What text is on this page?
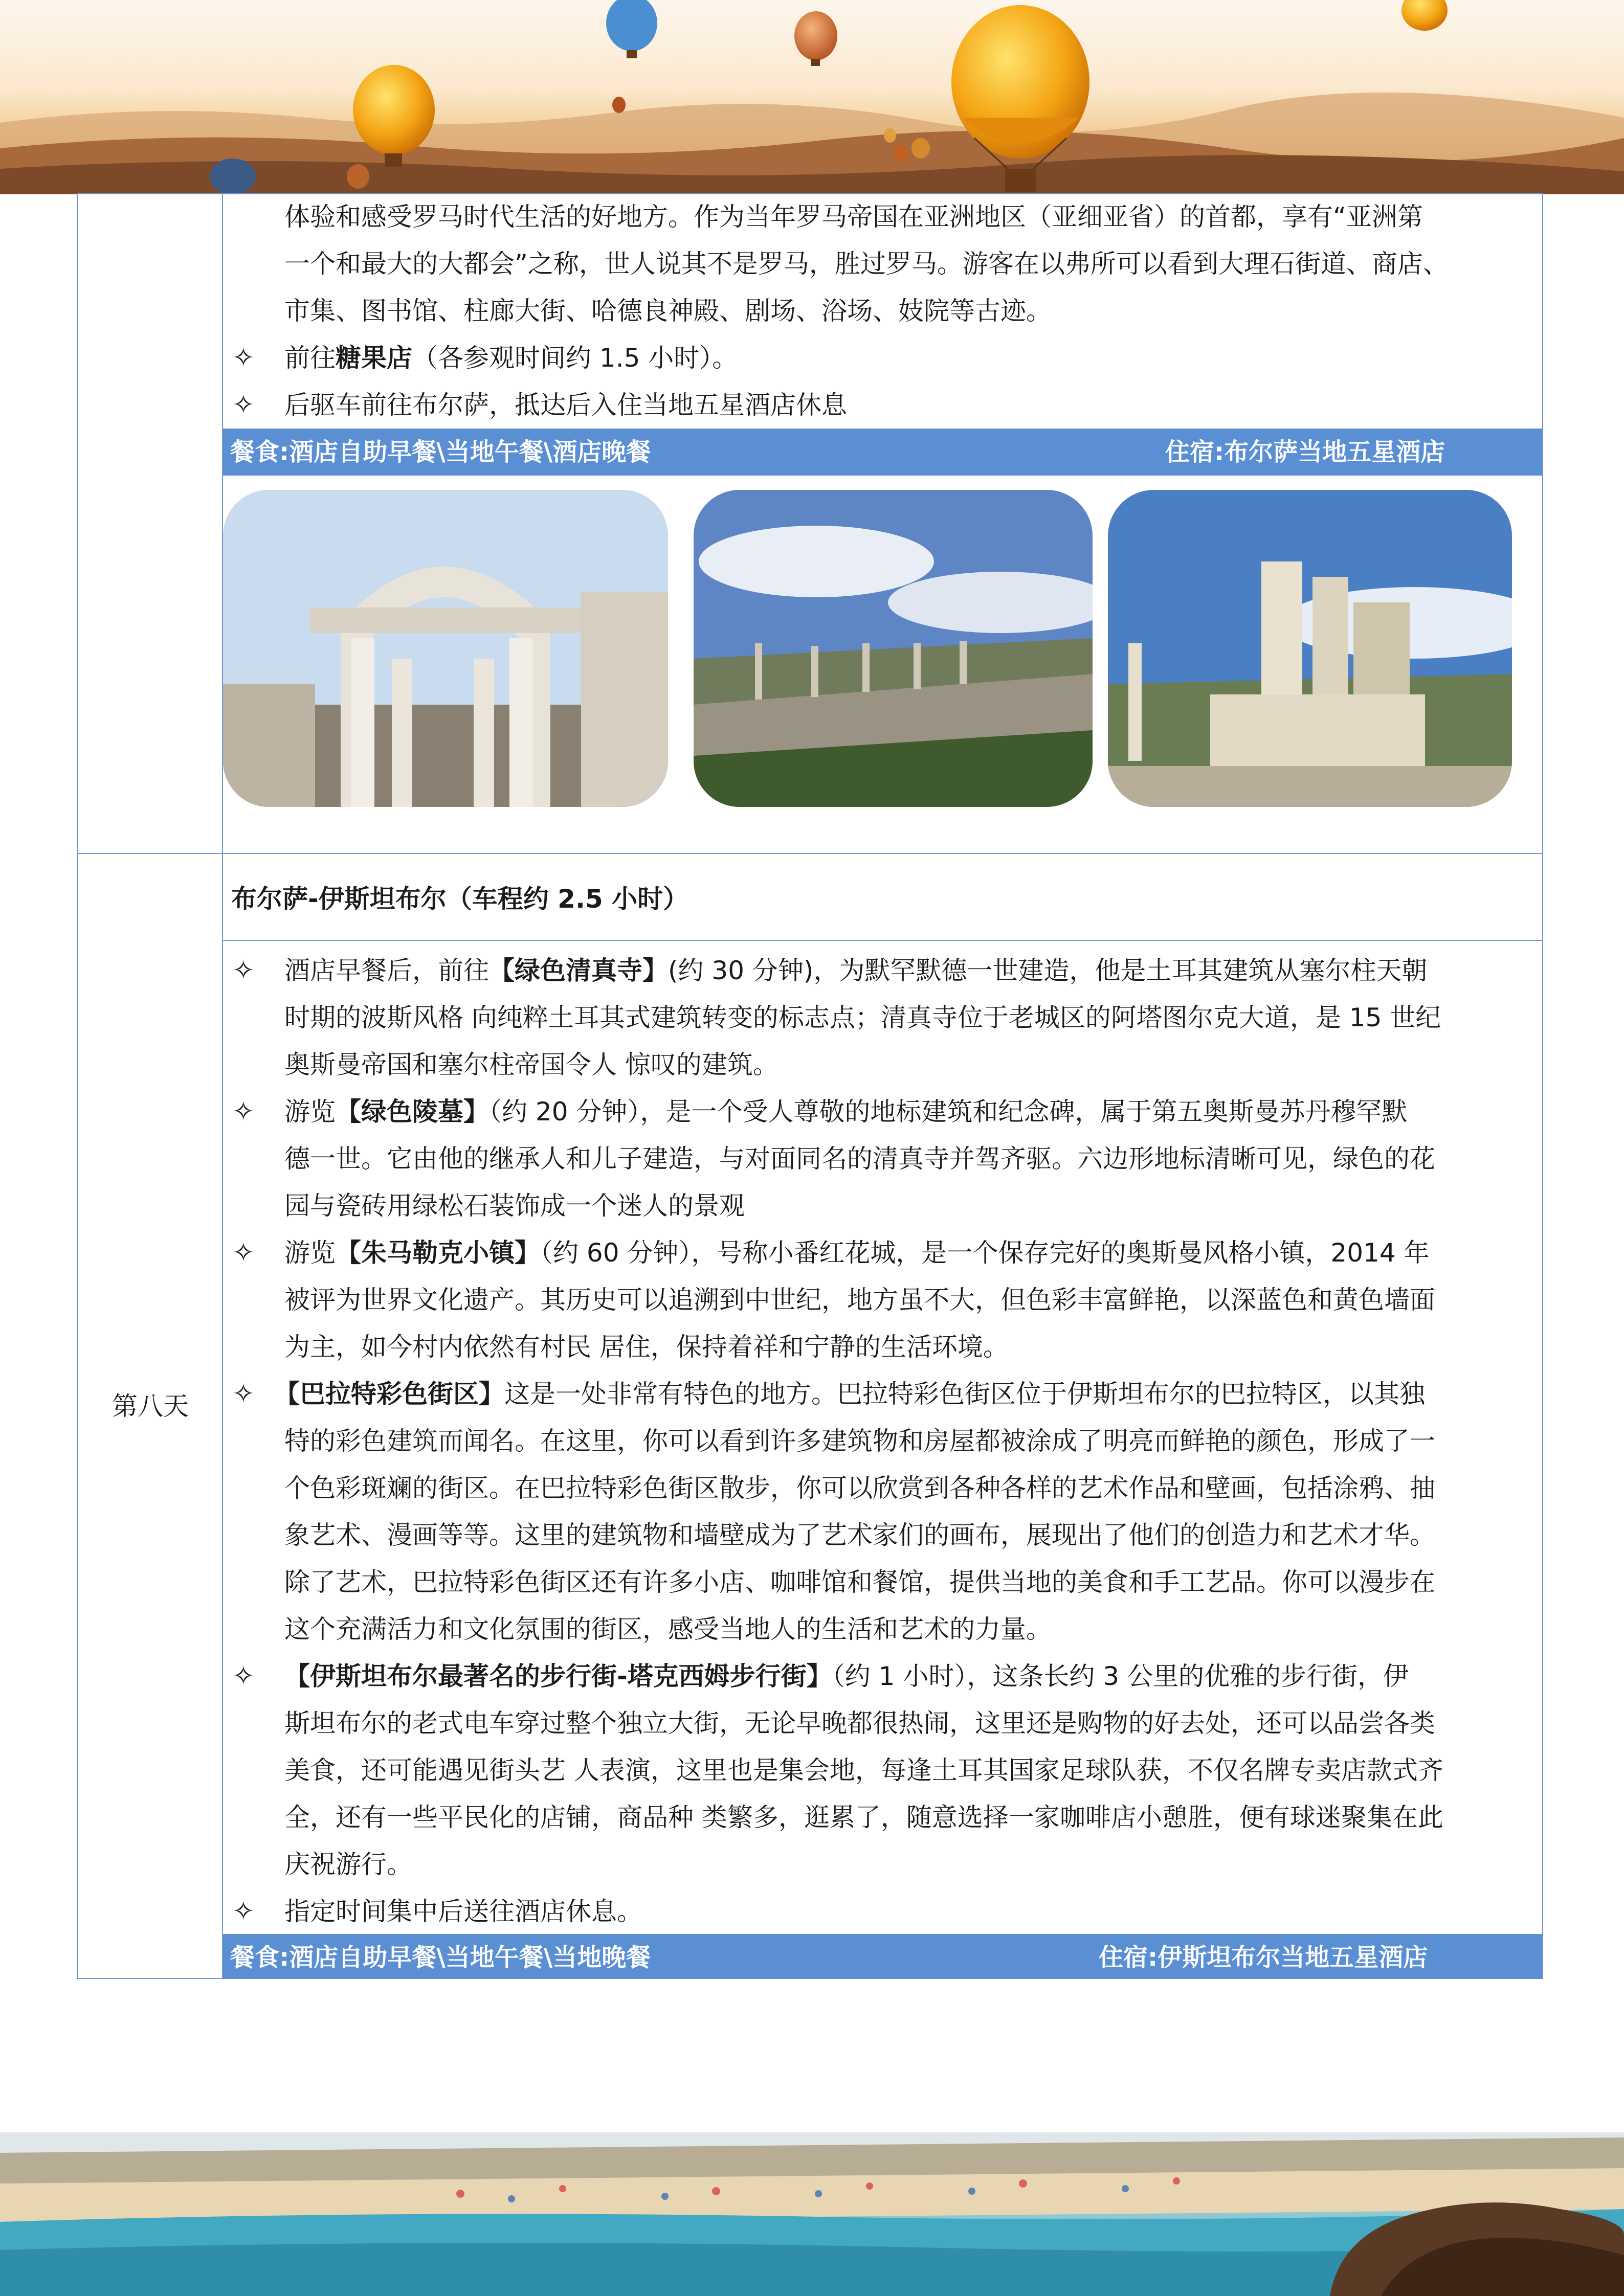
体验和感受罗马时代生活的好地方。作为当年罗马帝国在亚洲地区（亚细亚省）的首都，享有“亚洲第
一个和最大的大都会”之称，世人说其不是罗马，胜过罗马。游客在以弗所可以看到大理石街道、商店、
市集、图书馆、柱廊大街、哈德良神殿、剧场、浴场、妓院等古迹。
✧	前往糖果店（各参观时间约 1.5 小时）。
✧	后驱车前往布尔萨，抵达后入住当地五星酒店休息
餐食:酒店自助早餐\当地午餐\酒店晚餐	住宿:布尔萨当地五星酒店
第八天
布尔萨-伊斯坦布尔（车程约 2.5 小时）
✧	酒店早餐后，前往【绿色清真寺】(约 30 分钟)，为默罕默德一世建造，他是土耳其建筑从塞尔柱天朝
时期的波斯风格 向纯粹土耳其式建筑转变的标志点；清真寺位于老城区的阿塔图尔克大道，是 15 世纪
奥斯曼帝国和塞尔柱帝国令人 惊叹的建筑。
✧	游览【绿色陵墓】（约 20 分钟），是一个受人尊敬的地标建筑和纪念碑，属于第五奥斯曼苏丹穆罕默
德一世。它由他的继承人和儿子建造，与对面同名的清真寺并驾齐驱。六边形地标清晰可见，绿色的花
园与瓷砖用绿松石装饰成一个迷人的景观
✧	游览【朱马勒克小镇】（约 60 分钟），号称小番红花城，是一个保存完好的奥斯曼风格小镇，2014 年
被评为世界文化遗产。其历史可以追溯到中世纪，地方虽不大，但色彩丰富鲜艳，以深蓝色和黄色墙面
为主，如今村内依然有村民 居住，保持着祥和宁静的生活环境。
✧ 【巴拉特彩色街区】这是一处非常有特色的地方。巴拉特彩色街区位于伊斯坦布尔的巴拉特区，以其独
特的彩色建筑而闻名。在这里，你可以看到许多建筑物和房屋都被涂成了明亮而鲜艳的颜色，形成了一
个色彩斑斓的街区。在巴拉特彩色街区散步，你可以欣赏到各种各样的艺术作品和壁画，包括涂鸦、抽
象艺术、漫画等等。这里的建筑物和墙壁成为了艺术家们的画布，展现出了他们的创造力和艺术才华。
除了艺术，巴拉特彩色街区还有许多小店、咖啡馆和餐馆，提供当地的美食和手工艺品。你可以漫步在
这个充满活力和文化氛围的街区，感受当地人的生活和艺术的力量。
✧	【伊斯坦布尔最著名的步行街-塔克西姆步行街】（约 1 小时），这条长约 3 公里的优雅的步行街，伊
斯坦布尔的老式电车穿过整个独立大街，无论早晚都很热闹，这里还是购物的好去处，还可以品尝各类
美食，还可能遇见街头艺 人表演，这里也是集会地，每逢土耳其国家足球队获，不仅名牌专卖店款式齐
全，还有一些平民化的店铺，商品种 类繁多，逛累了，随意选择一家咖啡店小憩胜，便有球迷聚集在此
庆祝游行。
✧	指定时间集中后送往酒店休息。
餐食:酒店自助早餐\当地午餐\当地晚餐	住宿:伊斯坦布尔当地五星酒店
